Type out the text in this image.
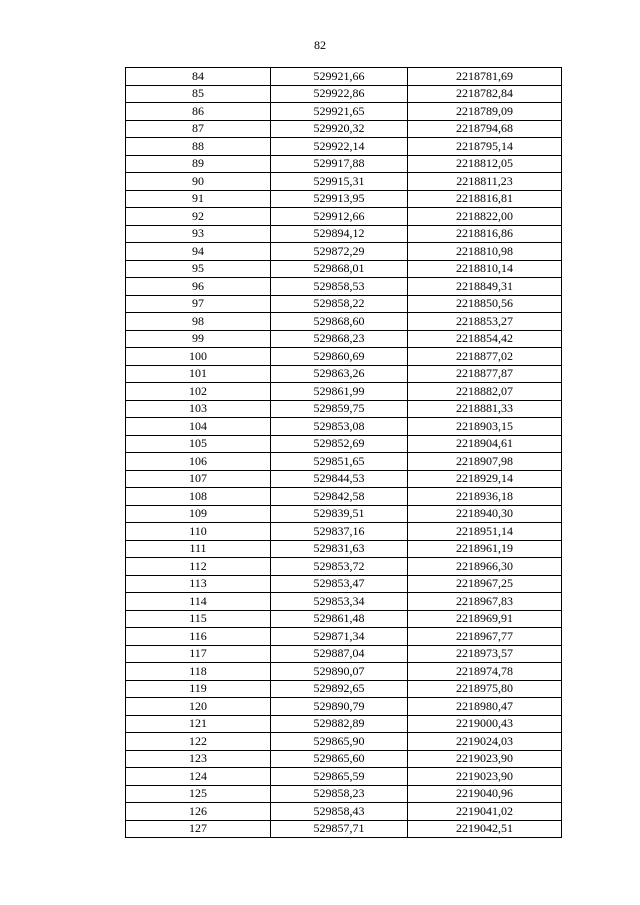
82
84	529921,66	2218781,69
85	529922,86	2218782,84
86	529921,65	2218789,09
87	529920,32	2218794,68
88	529922,14	2218795,14
89	529917,88	2218812,05
90	529915,31	2218811,23
91	529913,95	2218816,81
92	529912,66	2218822,00
93	529894,12	2218816,86
94	529872,29	2218810,98
95	529868,01	2218810,14
96	529858,53	2218849,31
97	529858,22	2218850,56
98	529868,60	2218853,27
99	529868,23	2218854,42
100	529860,69	2218877,02
101	529863,26	2218877,87
102	529861,99	2218882,07
103	529859,75	2218881,33
104	529853,08	2218903,15
105	529852,69	2218904,61
106	529851,65	2218907,98
107	529844,53	2218929,14
108	529842,58	2218936,18
109	529839,51	2218940,30
110	529837,16	2218951,14
111	529831,63	2218961,19
112	529853,72	2218966,30
113	529853,47	2218967,25
114	529853,34	2218967,83
115	529861,48	2218969,91
116	529871,34	2218967,77
117	529887,04	2218973,57
118	529890,07	2218974,78
119	529892,65	2218975,80
120	529890,79	2218980,47
121	529882,89	2219000,43
122	529865,90	2219024,03
123	529865,60	2219023,90
124	529865,59	2219023,90
125	529858,23	2219040,96
126	529858,43	2219041,02
127	529857,71	2219042,51
